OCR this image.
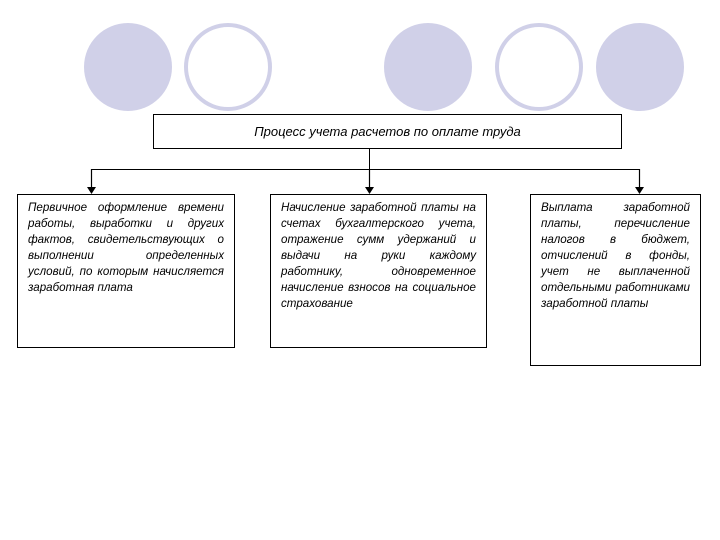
Процесс учета расчетов по оплате труда
Первичное оформление времени работы, выработки и других фактов, свидетельствующих о выполнении определенных условий, по которым начисляется заработная плата
Начисление заработной платы на счетах бухгалтерского учета, отражение сумм удержаний и выдачи на руки каждому работнику, одновременное начисление взносов на социальное страхование
Выплата заработной платы, перечисление налогов в бюджет, отчислений в фонды, учет не выплаченной отдельными работниками заработной платы
